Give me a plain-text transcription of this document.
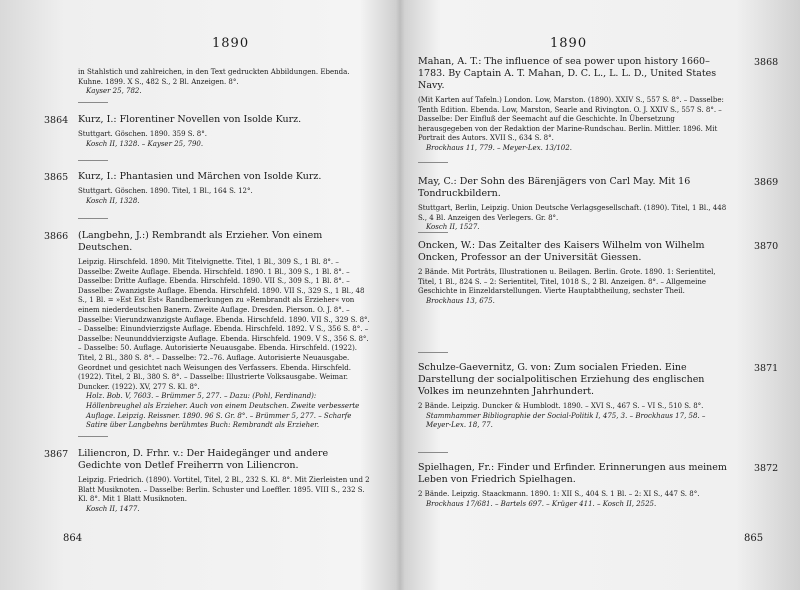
1890
in Stahlstich und zahlreichen, in den Text gedruckten Abbildungen. Ebenda. Kuhne. 1899. X S., 482 S., 2 Bl. Anzeigen. 8°.
Kayser 25, 782.
3864 Kurz, I.: Florentiner Novellen von Isolde Kurz.
Stuttgart. Göschen. 1890. 359 S. 8°.
Kosch II, 1328. – Kayser 25, 790.
3865 Kurz, I.: Phantasien und Märchen von Isolde Kurz.
Stuttgart. Göschen. 1890. Titel, 1 Bl., 164 S. 12°.
Kosch II, 1328.
3866 (Langbehn, J.:) Rembrandt als Erzieher. Von einem Deutschen.
Leipzig. Hirschfeld. 1890. Mit Titelvignette. Titel, 1 Bl., 309 S., 1 Bl. 8°. – Dasselbe: Zweite Auflage. Ebenda. Hirschfeld. 1890. 1 Bl., 309 S., 1 Bl. 8°. – Dasselbe: Dritte Auflage. Ebenda. Hirschfeld. 1890. VII S., 309 S., 1 Bl. 8°. – Dasselbe: Zwanzigste Auflage. Ebenda. Hirschfeld. 1890. VII S., 329 S., 1 Bl., 48 S., 1 Bl. = »Est Est Est« Randbemerkungen zu »Rembrandt als Erzieher« von einem niederdeutschen Banern. Zweite Auflage. Dresden. Pierson. O. J. 8°. – Dasselbe: Vierundzwanzigste Auflage. Ebenda. Hirschfeld. 1890. VII S., 329 S. 8°. – Dasselbe: Einundvierzigste Auflage. Ebenda. Hirschfeld. 1892. V S., 356 S. 8°. – Dasselbe: Neununddvierzigste Auflage. Ebenda. Hirschfeld. 1909. V S., 356 S. 8°. – Dasselbe: 50. Auflage. Autorisierte Neuausgabe. Ebenda. Hirschfeld. (1922). Titel, 2 Bl., 380 S. 8°. – Dasselbe: 72.–76. Auflage. Autorisierte Neuausgabe. Geordnet und gesichtet nach Weisungen des Verfassers. Ebenda. Hirschfeld. (1922). Titel, 2 Bl., 380 S. 8°. – Dasselbe: Illustrierte Volksausgabe. Weimar. Duncker. (1922). XV, 277 S. Kl. 8°.
Holz. Bob. V, 7603. – Brümmer 5, 277. – Dazu: (Pohl, Ferdinand): Höllenbreughel als Erzieher. Auch von einem Deutschen. Zweite verbesserte Auflage. Leipzig. Reissner. 1890. 96 S. Gr. 8°. – Brümmer 5, 277. – Scharfe Satire über Langbehns berühmtes Buch: Rembrandt als Erzieher.
3867 Liliencron, D. Frhr. v.: Der Haidegänger und andere Gedichte von Detlef Freiherrn von Liliencron.
Leipzig. Friedrich. (1890). Vortitel, Titel, 2 Bl., 232 S. Kl. 8°. Mit Zierleisten und 2 Blatt Musiknoten. – Dasselbe: Berlin. Schuster und Loeffler. 1895. VIII S., 232 S. Kl. 8°. Mit 1 Blatt Musiknoten.
Kosch II, 1477.
864
1890
3868
Mahan, A. T.: The influence of sea power upon history 1660–1783. By Captain A. T. Mahan, D. C. L., L. L. D., United States Navy.
(Mit Karten auf Tafeln.) London. Low, Marston. (1890). XXIV S., 557 S. 8°. – Dasselbe: Tenth Edition. Ebenda. Low, Marston, Searle and Rivington. O. J. XXIV S., 557 S. 8°. – Dasselbe: Der Einfluß der Seemacht auf die Geschichte. In Übersetzung herausgegeben von der Redaktion der Marine-Rundschau. Berlin. Mittler. 1896. Mit Portrait des Autors. XVII S., 634 S. 8°.
Brockhaus 11, 779. – Meyer-Lex. 13/102.
3869
May, C.: Der Sohn des Bärenjägers von Carl May. Mit 16 Tondruckbildern.
Stuttgart, Berlin, Leipzig. Union Deutsche Verlagsgesellschaft. (1890). Titel, 1 Bl., 448 S., 4 Bl. Anzeigen des Verlegers. Gr. 8°.
Kosch II, 1527.
3870
Oncken, W.: Das Zeitalter des Kaisers Wilhelm von Wilhelm Oncken, Professor an der Universität Giessen.
2 Bände. Mit Porträts, Illustrationen u. Beilagen. Berlin. Grote. 1890. 1: Serientitel, Titel, 1 Bl., 824 S. – 2: Serientitel, Titel, 1018 S., 2 Bl. Anzeigen. 8°. – Allgemeine Geschichte in Einzeldarstellungen. Vierte Hauptabtheilung, sechster Theil.
Brockhaus 13, 675.
3871
Schulze-Gaevernitz, G. von: Zum socialen Frieden. Eine Darstellung der socialpolitischen Erziehung des englischen Volkes im neunzehnten Jahrhundert.
2 Bände. Leipzig. Duncker & Humblodt. 1890. – XVI S., 467 S. – VI S., 510 S. 8°.
Stammhammer Bibliographie der Social-Politik I, 475, 3. – Brockhaus 17, 58. – Meyer-Lex. 18, 77.
3872
Spielhagen, Fr.: Finder und Erfinder. Erinnerungen aus meinem Leben von Friedrich Spielhagen.
2 Bände. Leipzig. Staackmann. 1890. 1: XII S., 404 S. 1 Bl. – 2: XI S., 447 S. 8°.
Brockhaus 17/681. – Bartels 697. – Krüger 411. – Kosch II, 2525.
865
